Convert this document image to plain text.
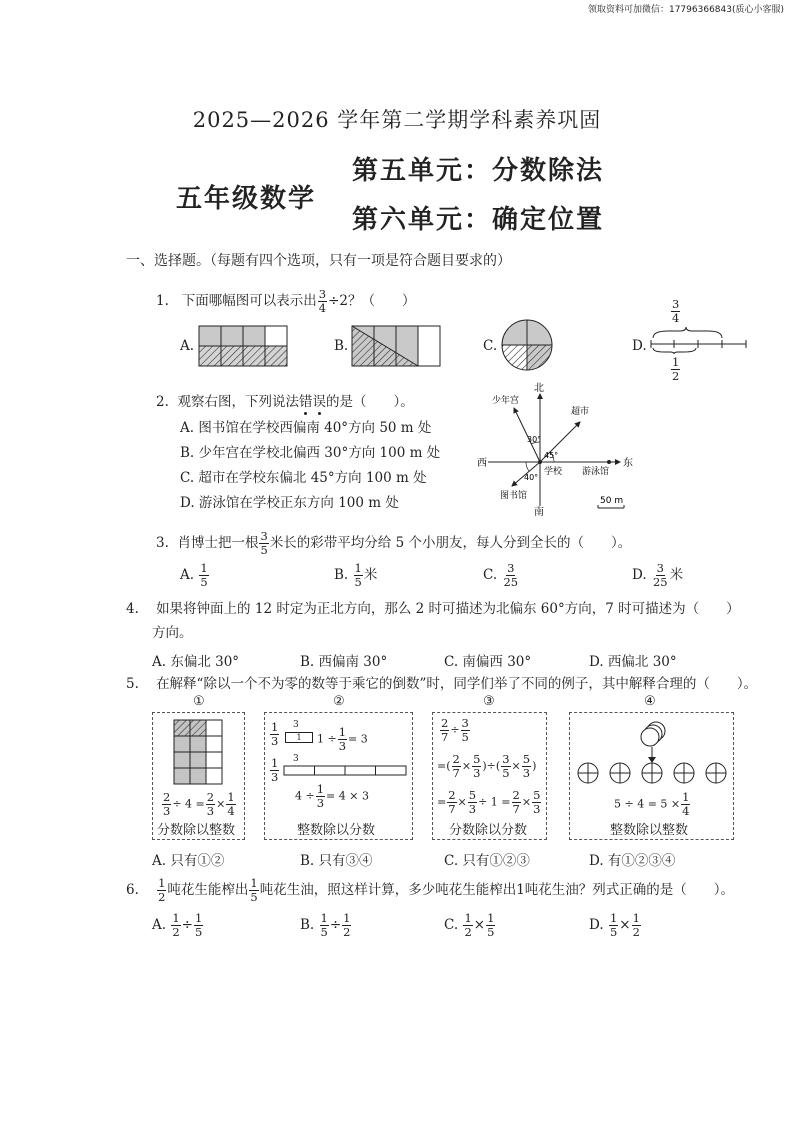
领取资料可加微信：17796366843(质心小客服)
2025—2026 学年第二学期学科素养巩固
五年级数学
第五单元：分数除法
第六单元：确定位置
一、选择题。（每题有四个选项，只有一项是符合题目要求的）
1. 下面哪幅图可以表示出 $\frac{3}{4} \div 2$？（　　）
A.	B.	C.	D.
$\frac{3}{4}$
$\frac{1}{2}$
2. 观察右图，下列说法错误的是（　　）。
A. 图书馆在学校西偏南 40°方向 50 m 处
B. 少年宫在学校北偏西 30°方向 100 m 处
C. 超市在学校东偏北 45°方向 100 m 处
D. 游泳馆在学校正东方向 100 m 处
北
南
西	东
少年宫
超市
学校 游泳馆
图书馆
30°
45°
40°
50 m
3. 肖博士把一根 $\frac{3}{5}$ 米长的彩带平均分给 5 个小朋友，每人分到全长的（　　）。
A. $\frac{1}{5}$	B. $\frac{1}{5}$ 米	C. $\frac{3}{25}$	D. $\frac{3}{25}$ 米
4. 如果将钟面上的 12 时定为正北方向，那么 2 时可描述为北偏东 60°方向，7 时可描述为（　　）
方向。
A. 东偏北 30°	B. 西偏南 30°	C. 南偏西 30°	D. 西偏北 30°
5. 在解释“除以一个不为零的数等于乘它的倒数”时，同学们举了不同的例子，其中解释合理的（　　）。
①	②	③	④
$\frac{2}{3} \div 4 = \frac{2}{3} \times \frac{1}{4}$
分数除以整数
$\frac{1}{3} 3$
1	$1 \div \frac{1}{3} = 3$
$\frac{1}{3} 3$
$4 \div \frac{1}{3} = 4 \times 3$
整数除以分数
$\frac{2}{7} \div \frac{3}{5}$
=( $\frac{2}{7} \times \frac{5}{3}$ )÷( $\frac{3}{5} \times \frac{5}{3}$ )
= $\frac{2}{7} \times \frac{5}{3} \div 1 = \frac{2}{7} \times \frac{5}{3}$
分数除以分数
$5 \div 4 = 5 \times \frac{1}{4}$
整数除以整数
A. 只有①②	B. 只有③④	C. 只有①②③	D. 有①②③④
6. $\frac{1}{2}$ 吨花生能榨出 $\frac{1}{5}$ 吨花生油，照这样计算，多少吨花生能榨出1吨花生油？列式正确的是（　　）。
A. $\frac{1}{2} \div \frac{1}{5}$	B. $\frac{1}{5} \div \frac{1}{2}$	C. $\frac{1}{2} \times \frac{1}{5}$	D. $\frac{1}{5} \times \frac{1}{2}$
